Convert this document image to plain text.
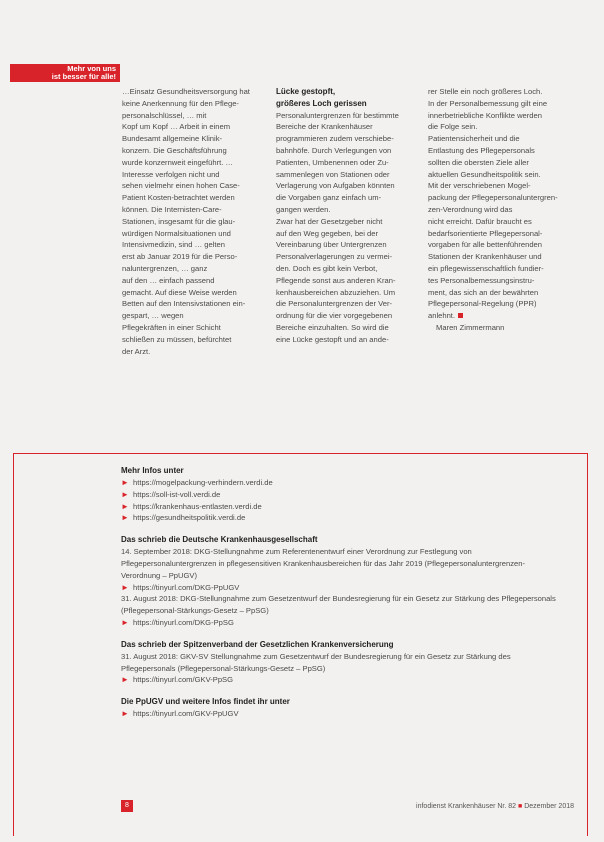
Mehr von uns
ist besser für alle!

…Einsatz Gesundheitsversorgung hat

keine Anerkennung für den Pflege-

personalschlüssel, … mit

Kopf um Kopf … Arbeit in einem

Bundesamt allgemeine Klinik-

konzern. Die Geschäftsführung

wurde konzernweit eingeführt. …

Interesse verfolgen nicht und

sehen vielmehr einen hohen Case-

Patient Kosten-betrachtet werden

können. Die Internisten-Care-

Stationen, insgesamt für die glau-

würdigen Normalsituationen und

Intensivmedizin, sind … gelten

erst ab Januar 2019 für die Perso-

naluntergrenzen, … ganz

auf den … einfach passend

gemacht. Auf diese Weise werden

Betten auf den Intensivstationen ein-

gespart, … wegen

Pflegekräften in einer Schicht

schließen zu müssen, befürchtet

der Arzt.

Lücke gestopft,
größeres Loch gerissen

Personaluntergrenzen für bestimmte

Bereiche der Krankenhäuser

programmieren zudem verschiebe-

bahnhöfe. Durch Verlegungen von

Patienten, Umbenennen oder Zu-

sammenlegen von Stationen oder

Verlagerung von Aufgaben könnten

die Vorgaben ganz einfach um-

gangen werden.

Zwar hat der Gesetzgeber nicht

auf den Weg gegeben, bei der

Vereinbarung über Untergrenzen

Personalverlagerungen zu vermei-

den. Doch es gibt kein Verbot,

Pflegende sonst aus anderen Kran-

kenhausbereichen abzuziehen. Um

die Personaluntergrenzen der Ver-

ordnung für die vier vorgegebenen

Bereiche einzuhalten. So wird die

eine Lücke gestopft und an ande-

rer Stelle ein noch größeres Loch.

In der Personalbemessung gilt eine

innerbetriebliche Konflikte werden

die Folge sein.

Patientensicherheit und die

Entlastung des Pflegepersonals

sollten die obersten Ziele aller

aktuellen Gesundheitspolitik sein.

Mit der verschriebenen Mogel-

packung der Pflegepersonaluntergren-

zen-Verordnung wird das

nicht erreicht. Dafür braucht es

bedarfsorientierte Pflegepersonal-

vorgaben für alle bettenführenden

Stationen der Krankenhäuser und

ein pflegewissenschaftlich fundier-

tes Personalbemessungsinstru-

ment, das sich an der bewährten

Pflegepersonal-Regelung (PPR)

anlehnt.

Maren Zimmermann
Mehr Infos unter
► https://mogelpackung-verhindern.verdi.de
► https://soll-ist-voll.verdi.de
► https://krankenhaus-entlasten.verdi.de
► https://gesundheitspolitik.verdi.de
Das schrieb die Deutsche Krankenhausgesellschaft

14. September 2018: DKG-Stellungnahme zum Referentenentwurf einer Verordnung zur Festlegung von Pflegepersonaluntergrenzen in pflegesensitiven Krankenhausbereichen für das Jahr 2019 (Pflegepersonaluntergrenzen-Verordnung – PpUGV)

► https://tinyurl.com/DKG-PpUGV

31. August 2018: DKG-Stellungnahme zum Gesetzentwurf der Bundesregierung für ein Gesetz zur Stärkung des Pflegepersonals (Pflegepersonal-Stärkungs-Gesetz – PpSG)

► https://tinyurl.com/DKG-PpSG
Das schrieb der Spitzenverband der Gesetzlichen Krankenversicherung

31. August 2018: GKV-SV Stellungnahme zum Gesetzentwurf der Bundesregierung für ein Gesetz zur Stärkung des Pflegepersonals (Pflegepersonal-Stärkungs-Gesetz – PpSG)

► https://tinyurl.com/GKV-PpSG
Die PpUGV und weitere Infos findet ihr unter
► https://tinyurl.com/GKV-PpUGV
8	infodienst Krankenhäuser Nr. 82 ■ Dezember 2018
